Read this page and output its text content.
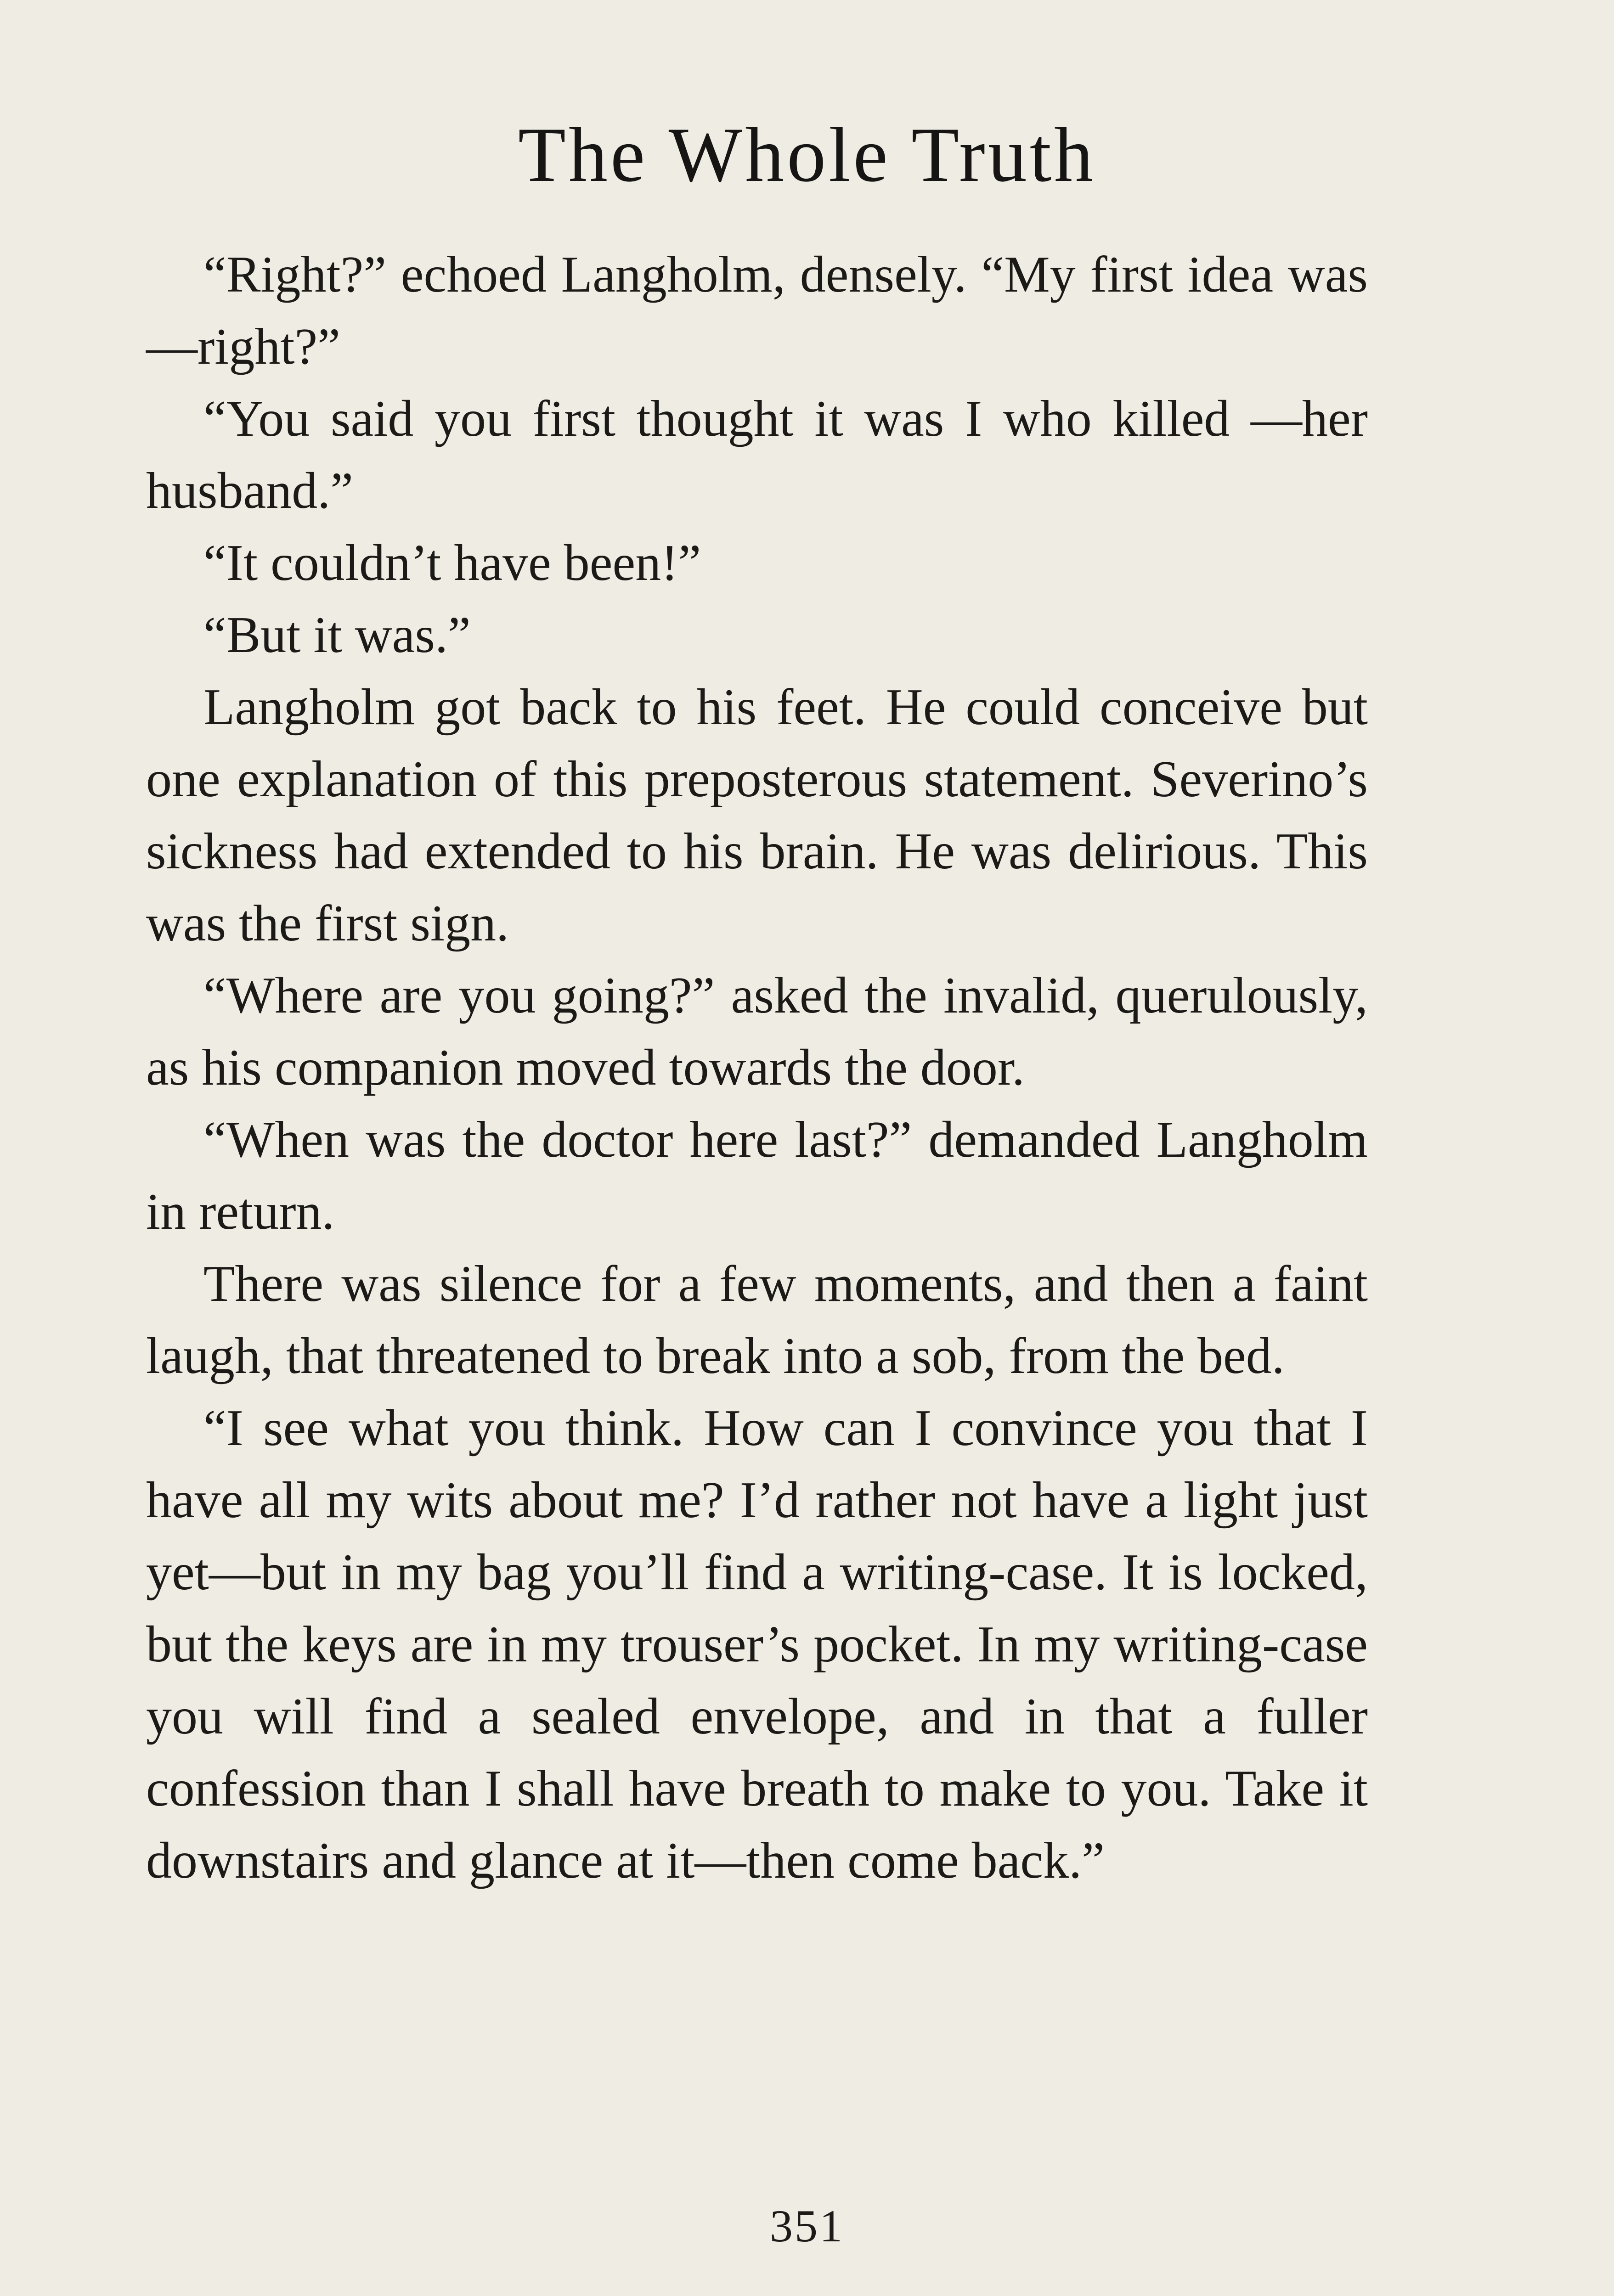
The Whole Truth

“Right?” echoed Langholm, densely. “My first idea was—right?”

“You said you first thought it was I who killed —her husband.”

“It couldn’t have been!”

“But it was.”

Langholm got back to his feet. He could conceive but one explanation of this preposterous statement. Severino’s sickness had extended to his brain. He was delirious. This was the first sign.

“Where are you going?” asked the invalid, querulously, as his companion moved towards the door.

“When was the doctor here last?” demanded Langholm in return.

There was silence for a few moments, and then a faint laugh, that threatened to break into a sob, from the bed.

“I see what you think. How can I convince you that I have all my wits about me? I’d rather not have a light just yet—but in my bag you’ll find a writing-case. It is locked, but the keys are in my trouser’s pocket. In my writing-case you will find a sealed envelope, and in that a fuller confession than I shall have breath to make to you. Take it downstairs and glance at it—then come back.”

351
